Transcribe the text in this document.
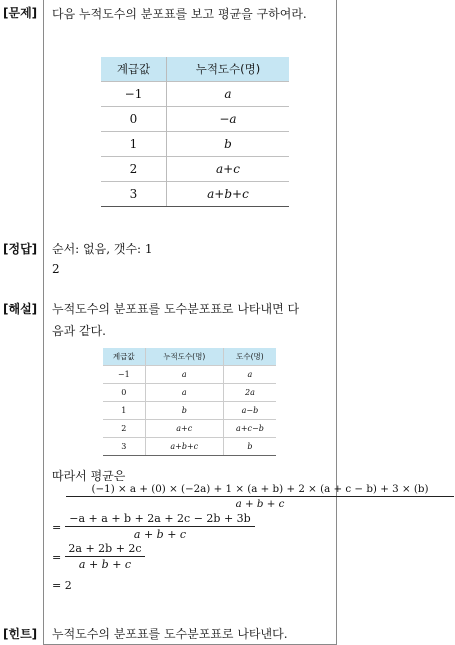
[문제] 다음 누적도수의 분포표를 보고 평균을 구하여라.
계급값	누적도수(명)
−1	a
0	−a
1	b
2	a+c
3	a+b+c
[정답] 순서: 없음, 갯수: 1
2
[해설] 누적도수의 분포표를 도수분포표로 나타내면 다
음과 같다.
계급값	누적도수(명)	도수(명)
−1	a	a
0	a	2a
1	b	a−b
2	a+c	a+c−b
3	a+b+c	b
따라서 평균은
(−1) × a + (0) × (−2a) + 1 × (a + b) + 2 × (a + c − b) + 3 × (b)
a + b + c
= $\frac{-a + a + b + 2a + 2c - 2b + 3b}{a + b + c}$
= $\frac{2a + 2b + 2c}{a + b + c}$
= 2
[힌트] 누적도수의 분포표를 도수분포표로 나타낸다.
